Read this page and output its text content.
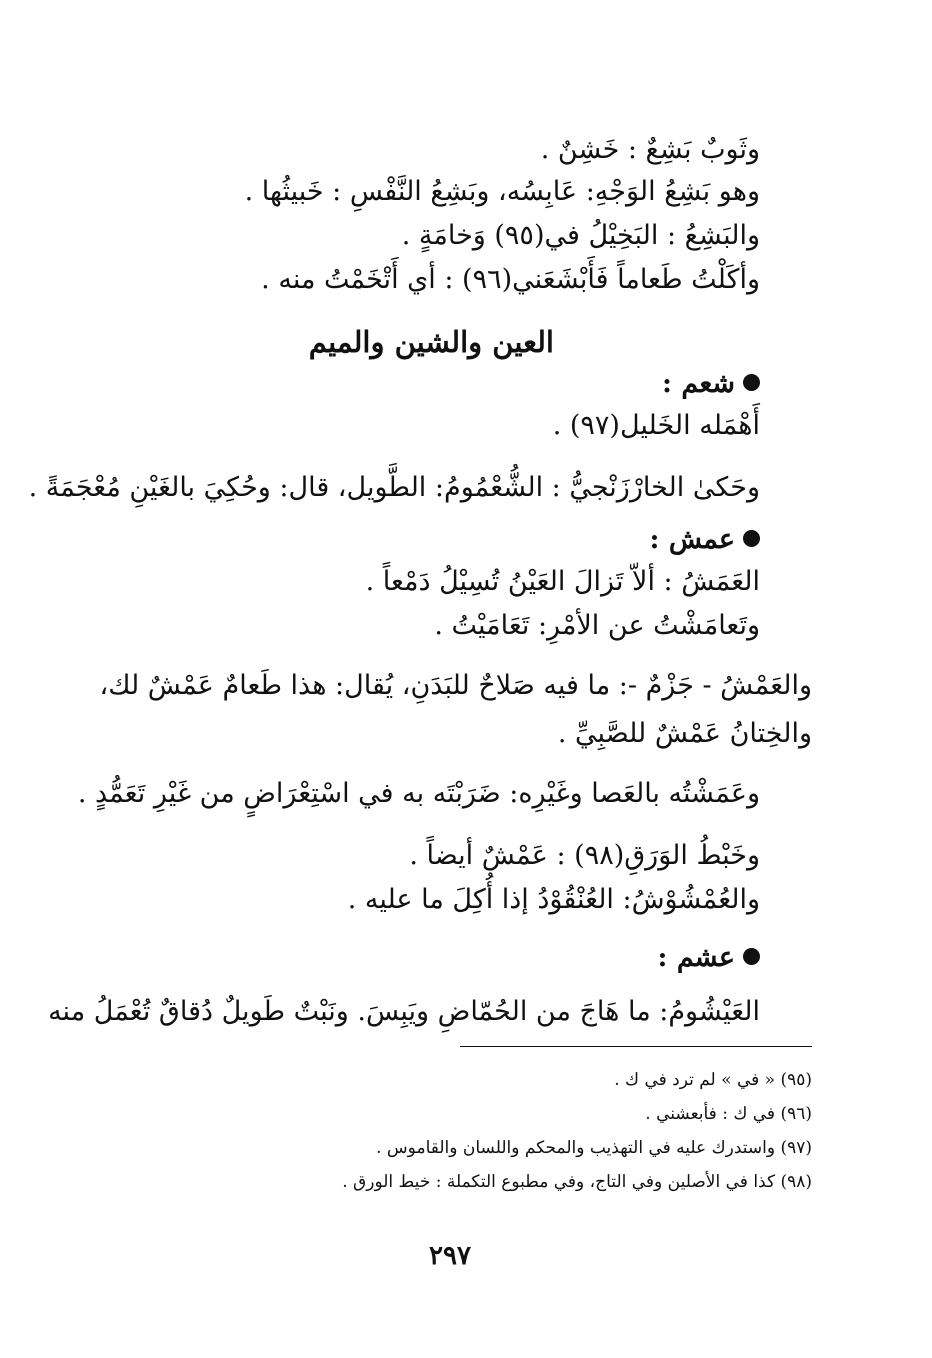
وثَوبٌ بَشِعٌ : خَشِنٌ .
وهو بَشِعُ الوَجْهِ: عَابِسُه، وبَشِعُ النَّفْسِ : خَبيثُها .
والبَشِعُ : البَخِيْلُ في(٩٥) وَخامَةٍ .
وأكَلْتُ طَعاماً فَأَبْشَعَني(٩٦) : أي أَتْخَمْتُ منه .
العين والشين والميم
شعم :
أَهْمَله الخَليل(٩٧) .
وحَكىٰ الخارْزَنْجيُّ : الشُّعْمُومُ: الطَّويل، قال: وحُكِيَ بالغَيْنِ مُعْجَمَةً .
عمش :
العَمَشُ : ألاّ تَزالَ العَيْنُ تُسِيْلُ دَمْعاً .
وتَعامَشْتُ عن الأمْرِ: تَعَامَيْتُ .
والعَمْشُ - جَزْمٌ -: ما فيه صَلاحٌ للبَدَنِ، يُقال: هذا طَعامٌ عَمْشٌ لك،
والخِتانُ عَمْشٌ للصَّبِيِّ .
وعَمَشْتُه بالعَصا وغَيْرِه: ضَرَبْتَه به في اسْتِعْرَاضٍ من غَيْرِ تَعَمُّدٍ .
وخَبْطُ الوَرَقِ(٩٨) : عَمْشٌ أيضاً .
والعُمْشُوْشُ: العُنْقُوْدُ إذا أُكِلَ ما عليه .
عشم :
العَيْشُومُ: ما هَاجَ من الحُمّاضِ ويَبِسَ. ونَبْتٌ طَويلٌ دُقاقٌ تُعْمَلُ منه
(٩٥) « في » لم ترد في ك .
(٩٦) في ك : فأبعشني .
(٩٧) واستدرك عليه في التهذيب والمحكم واللسان والقاموس .
(٩٨) كذا في الأصلين وفي التاج، وفي مطبوع التكملة : خيط الورق .
٢٩٧
